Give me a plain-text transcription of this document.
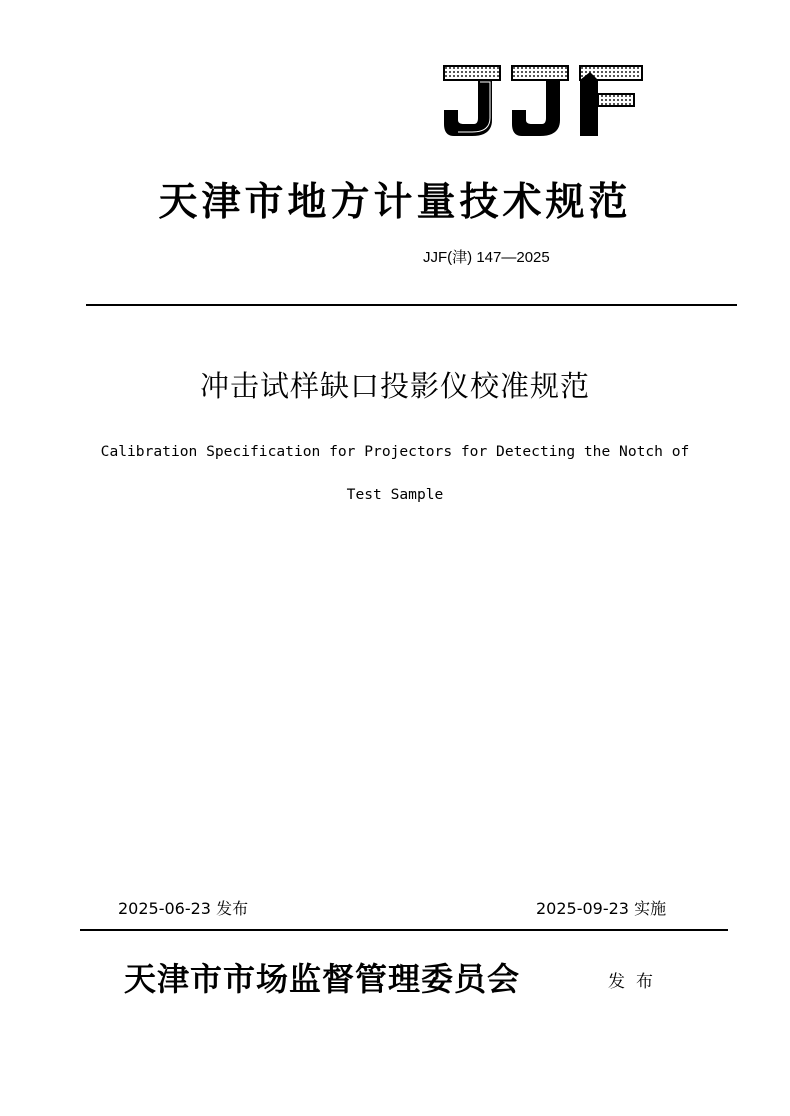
天津市地方计量技术规范
JJF(津) 147—2025
冲击试样缺口投影仪校准规范
Calibration Specification for Projectors for Detecting the Notch of
Test Sample
2025-06-23 发布	2025-09-23 实施
天津市市场监督管理委员会	发布
